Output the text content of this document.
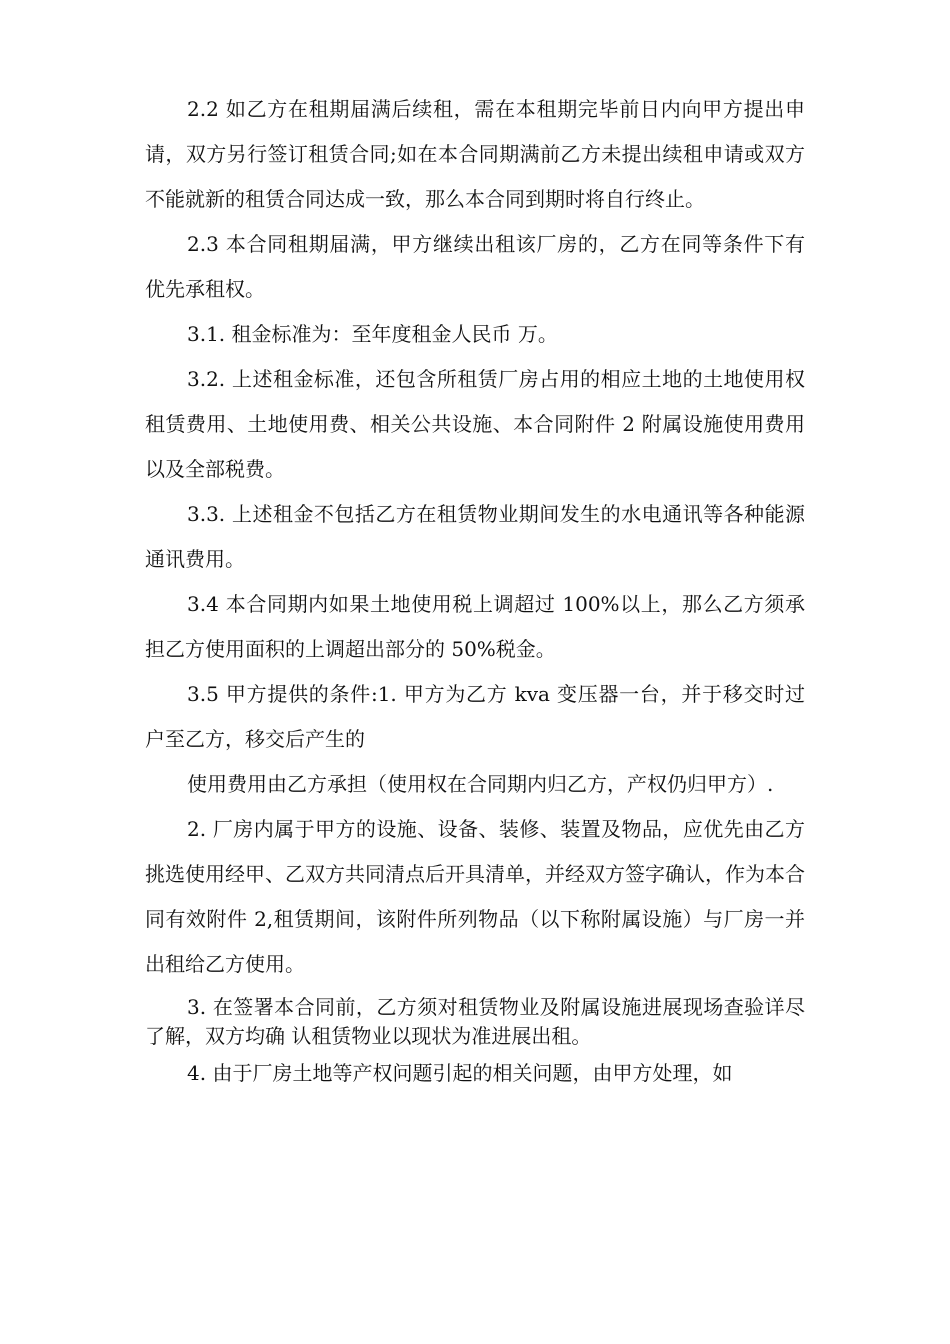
2.2 如乙方在租期届满后续租，需在本租期完毕前日内向甲方提出申请，双方另行签订租赁合同;如在本合同期满前乙方未提出续租申请或双方不能就新的租赁合同达成一致，那么本合同到期时将自行终止。

2.3 本合同租期届满，甲方继续出租该厂房的，乙方在同等条件下有优先承租权。

3.1. 租金标准为：至年度租金人民币 万。

3.2. 上述租金标准，还包含所租赁厂房占用的相应土地的土地使用权租赁费用、土地使用费、相关公共设施、本合同附件 2 附属设施使用费用以及全部税费。

3.3. 上述租金不包括乙方在租赁物业期间发生的水电通讯等各种能源通讯费用。

3.4 本合同期内如果土地使用税上调超过 100%以上，那么乙方须承担乙方使用面积的上调超出部分的 50%税金。

3.5 甲方提供的条件:1. 甲方为乙方 kva 变压器一台，并于移交时过户至乙方，移交后产生的

使用费用由乙方承担（使用权在合同期内归乙方，产权仍归甲方）.

2. 厂房内属于甲方的设施、设备、装修、装置及物品，应优先由乙方挑选使用经甲、乙双方共同清点后开具清单，并经双方签字确认，作为本合同有效附件 2,租赁期间，该附件所列物品（以下称附属设施）与厂房一并出租给乙方使用。

3. 在签署本合同前，乙方须对租赁物业及附属设施进展现场查验详尽了解，双方均确 认租赁物业以现状为准进展出租。

4. 由于厂房土地等产权问题引起的相关问题，由甲方处理，如
